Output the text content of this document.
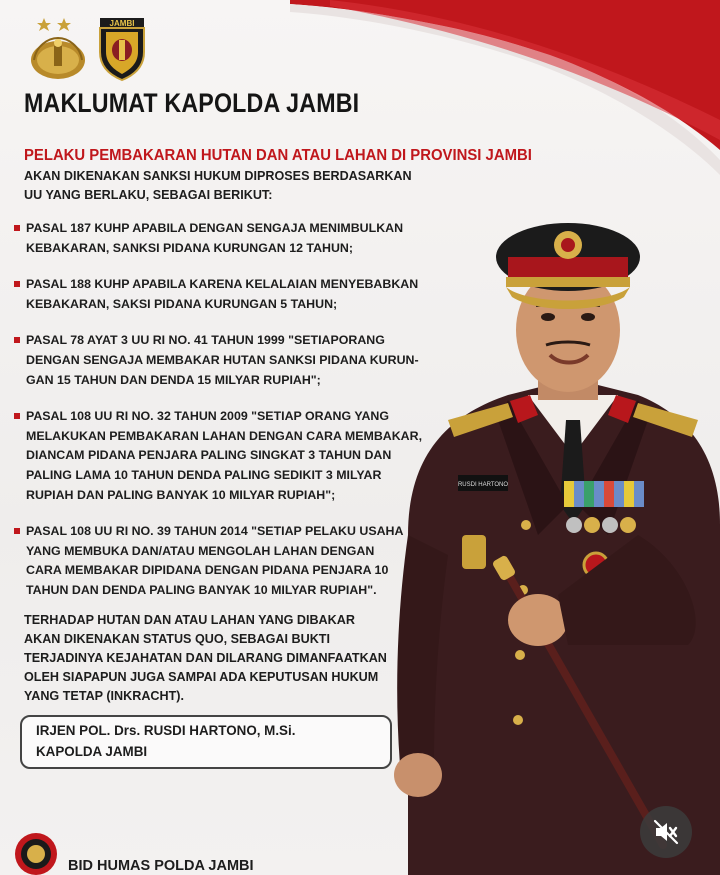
JAMBI
MAKLUMAT KAPOLDA JAMBI
PELAKU PEMBAKARAN HUTAN DAN ATAU LAHAN DI PROVINSI JAMBI
AKAN DIKENAKAN SANKSI HUKUM DIPROSES BERDASARKAN
UU YANG BERLAKU, SEBAGAI BERIKUT:
PASAL 187 KUHP APABILA DENGAN SENGAJA MENIMBULKAN
KEBAKARAN, SANKSI PIDANA KURUNGAN 12 TAHUN;
PASAL 188 KUHP APABILA KARENA KELALAIAN MENYEBABKAN
KEBAKARAN, SAKSI PIDANA KURUNGAN 5 TAHUN;
PASAL 78 AYAT 3 UU RI NO. 41 TAHUN 1999 "SETIAPORANG
DENGAN SENGAJA MEMBAKAR HUTAN SANKSI PIDANA KURUN-
GAN 15 TAHUN DAN DENDA 15 MILYAR RUPIAH";
PASAL 108 UU RI NO. 32 TAHUN 2009 "SETIAP ORANG YANG
MELAKUKAN PEMBAKARAN LAHAN DENGAN CARA MEMBAKAR,
DIANCAM PIDANA PENJARA PALING SINGKAT 3 TAHUN DAN
PALING LAMA 10 TAHUN DENDA PALING SEDIKIT 3 MILYAR
RUPIAH DAN PALING BANYAK 10 MILYAR RUPIAH";
PASAL 108 UU RI NO. 39 TAHUN 2014 "SETIAP PELAKU USAHA
YANG MEMBUKA DAN/ATAU MENGOLAH LAHAN DENGAN
CARA MEMBAKAR DIPIDANA DENGAN PIDANA PENJARA 10
TAHUN DAN DENDA PALING BANYAK 10 MILYAR RUPIAH".
TERHADAP HUTAN DAN ATAU LAHAN YANG DIBAKAR
AKAN DIKENAKAN STATUS QUO, SEBAGAI BUKTI
TERJADINYA KEJAHATAN DAN DILARANG DIMANFAATKAN
OLEH SIAPAPUN JUGA SAMPAI ADA KEPUTUSAN HUKUM
YANG TETAP (INKRACHT).
RUSDI HARTONO
IRJEN POL. Drs. RUSDI HARTONO, M.Si.
KAPOLDA JAMBI
BID HUMAS POLDA JAMBI
